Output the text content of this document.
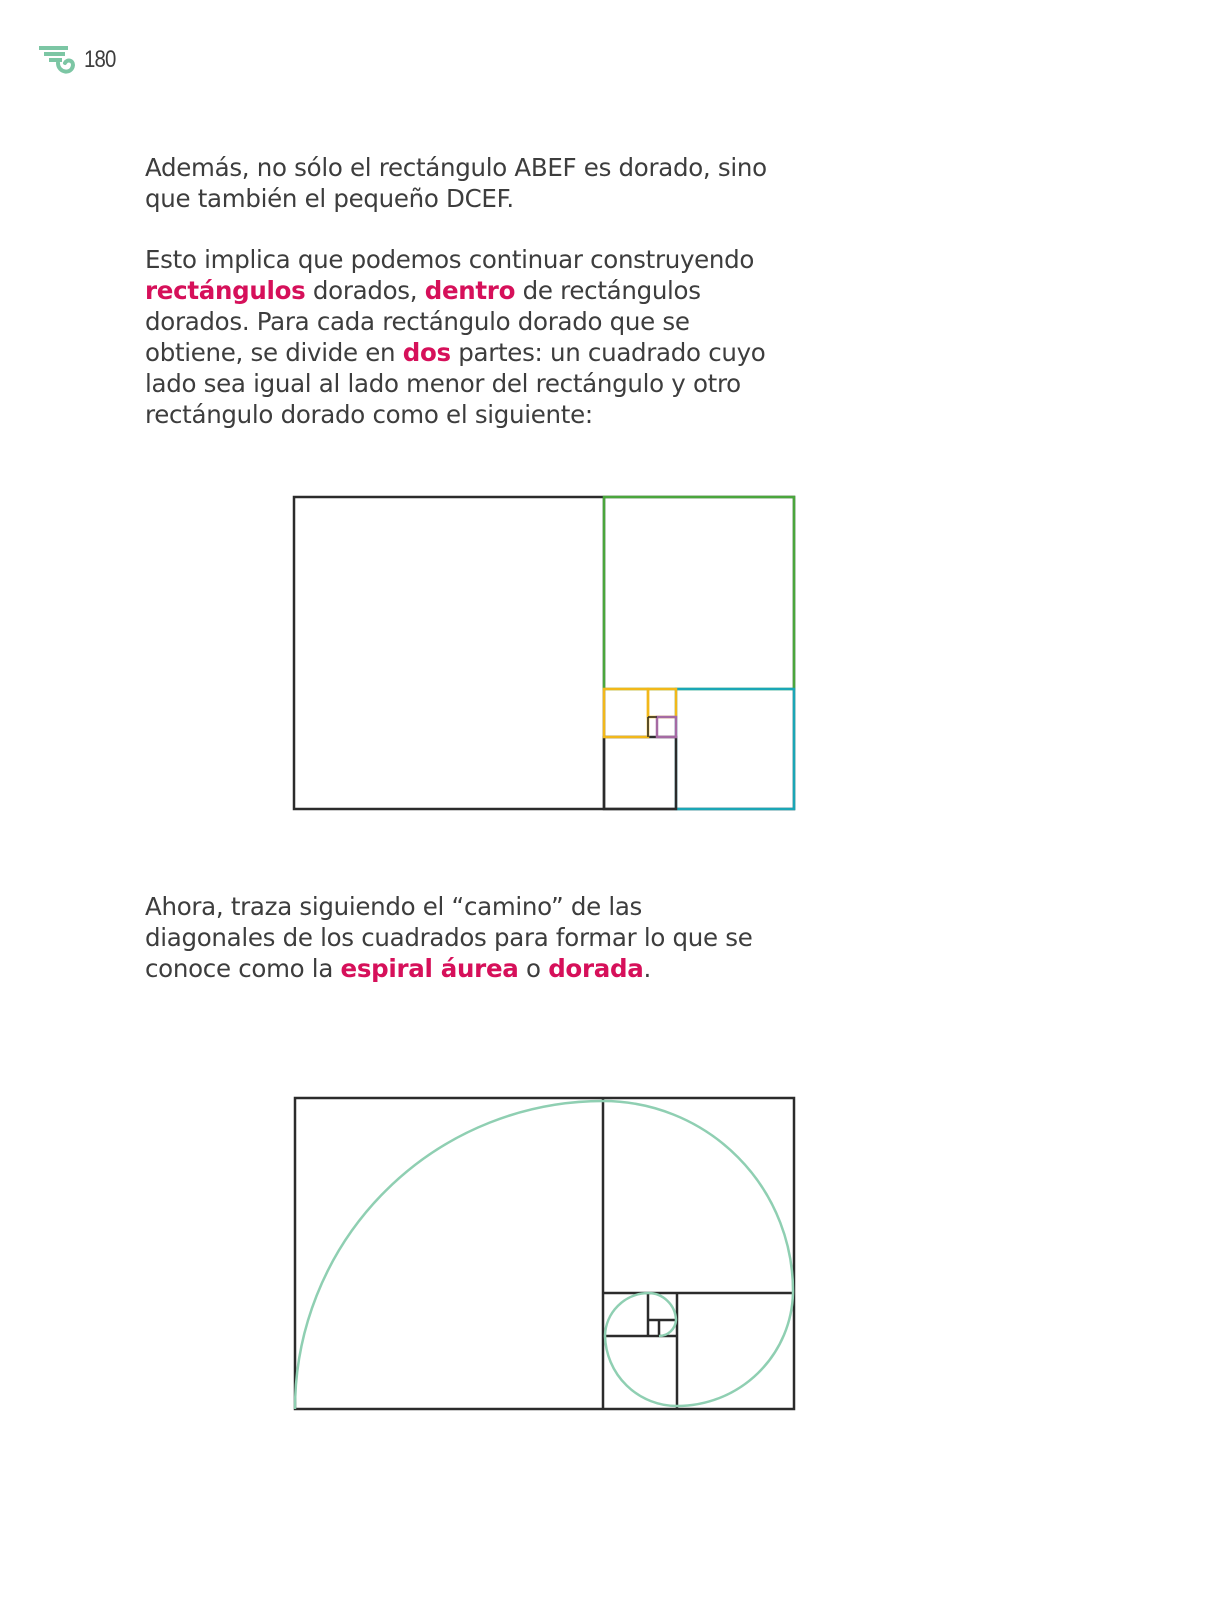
180

Además, no sólo el rectángulo ABEF es dorado, sino
que también el pequeño DCEF.

Esto implica que podemos continuar construyendo
rectángulos dorados, dentro de rectángulos
dorados. Para cada rectángulo dorado que se
obtiene, se divide en dos partes: un cuadrado cuyo
lado sea igual al lado menor del rectángulo y otro
rectángulo dorado como el siguiente:

Ahora, traza siguiendo el “camino” de las
diagonales de los cuadrados para formar lo que se
conoce como la espiral áurea o dorada.
